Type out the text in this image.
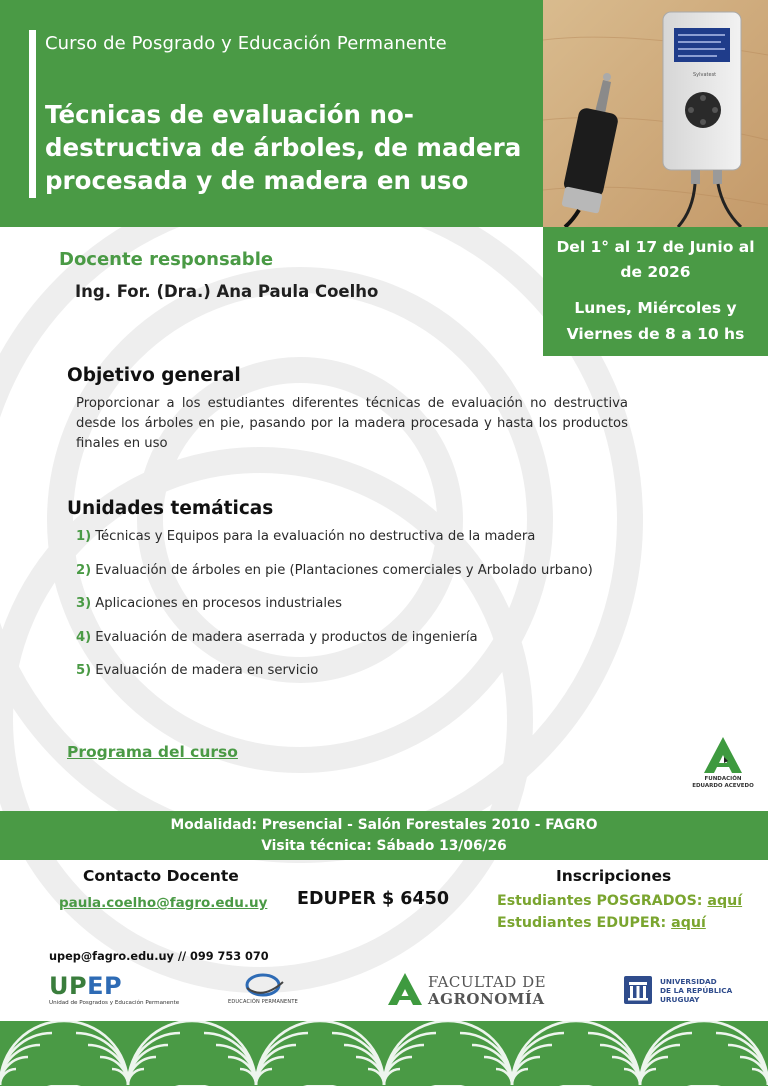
Curso de Posgrado y Educación Permanente
Técnicas de evaluación no-destructiva de árboles, de madera procesada y de madera en uso
Sylvatest
Del 1° al 17 de Junio al de 2026
Lunes, Miércoles y Viernes de 8 a 10 hs
Docente responsable
Ing. For. (Dra.) Ana Paula Coelho
Objetivo general
Proporcionar a los estudiantes diferentes técnicas de evaluación no destructiva desde los árboles en pie, pasando por la madera procesada y hasta los productos finales en uso
Unidades temáticas
1) Técnicas y Equipos para la evaluación no destructiva de la madera
2) Evaluación de árboles en pie (Plantaciones comerciales y Arbolado urbano)
3) Aplicaciones en procesos industriales
4) Evaluación de madera aserrada y productos de ingeniería
5) Evaluación de madera en servicio
Programa del curso
FUNDACIÓN
EDUARDO ACEVEDO
Modalidad: Presencial - Salón Forestales 2010 - FAGRO
Visita técnica: Sábado 13/06/26
Contacto Docente
paula.coelho@fagro.edu.uy EDUPER $ 6450
Inscripciones
Estudiantes POSGRADOS: aquí
Estudiantes EDUPER: aquí
upep@fagro.edu.uy // 099 753 070
UPEP
Unidad de Posgrados y Educación Permanente	EDUCACIÓN PERMANENTE
FACULTAD DE
AGRONOMÍA
UNIVERSIDAD
DE LA REPÚBLICA
URUGUAY
